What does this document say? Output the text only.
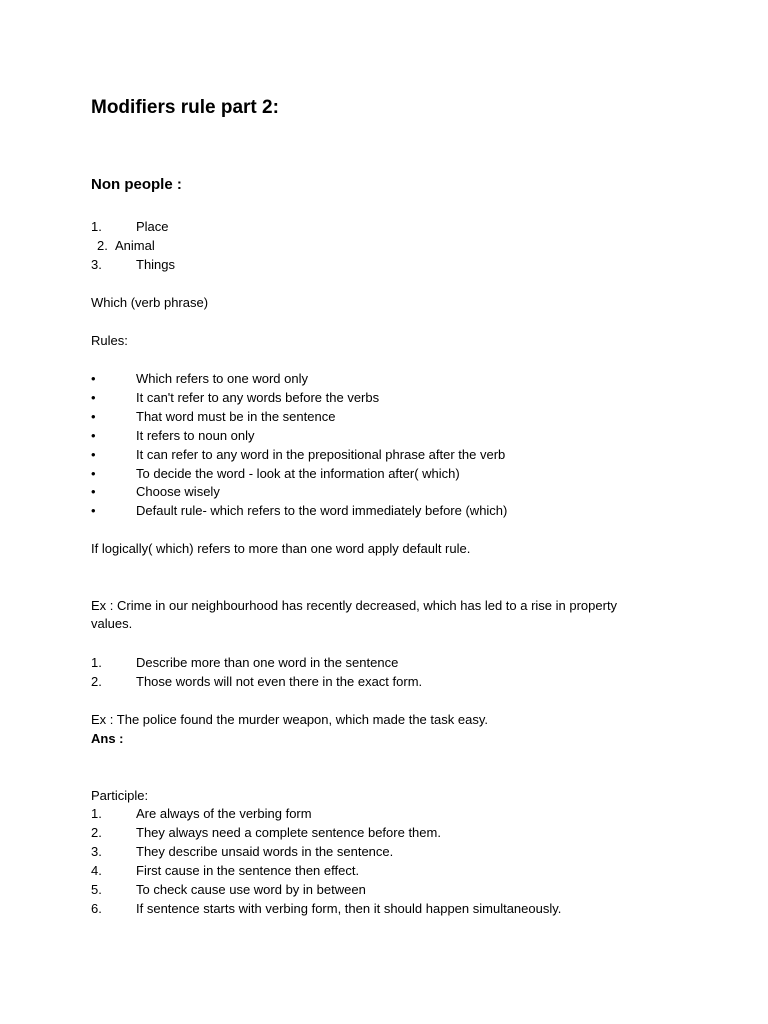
Modifiers rule part 2:
Non people :
1.	Place
2. Animal
3.	Things
Which (verb phrase)
Rules:
•	Which refers to one word only
•	It can't refer to any words before the verbs
•	That word must be in the sentence
•	It refers to noun only
•	It can refer to any word in the prepositional phrase after the verb
•	To decide the word - look at the information after( which)
•	Choose wisely
•	Default rule- which refers to the word immediately before (which)
If logically( which) refers to more than one word apply default rule.
Ex : Crime in our neighbourhood has recently decreased, which has led to a rise in property
values.
1.	Describe more than one word in the sentence
2.	Those words will not even there in the exact form.
Ex : The police found the murder weapon, which made the task easy.
Ans :
Participle:
1.	Are always of the verbing form
2.	They always need a complete sentence before them.
3.	They describe unsaid words in the sentence.
4.	First cause in the sentence then effect.
5.	To check cause use word by in between
6.	If sentence starts with verbing form, then it should happen simultaneously.
